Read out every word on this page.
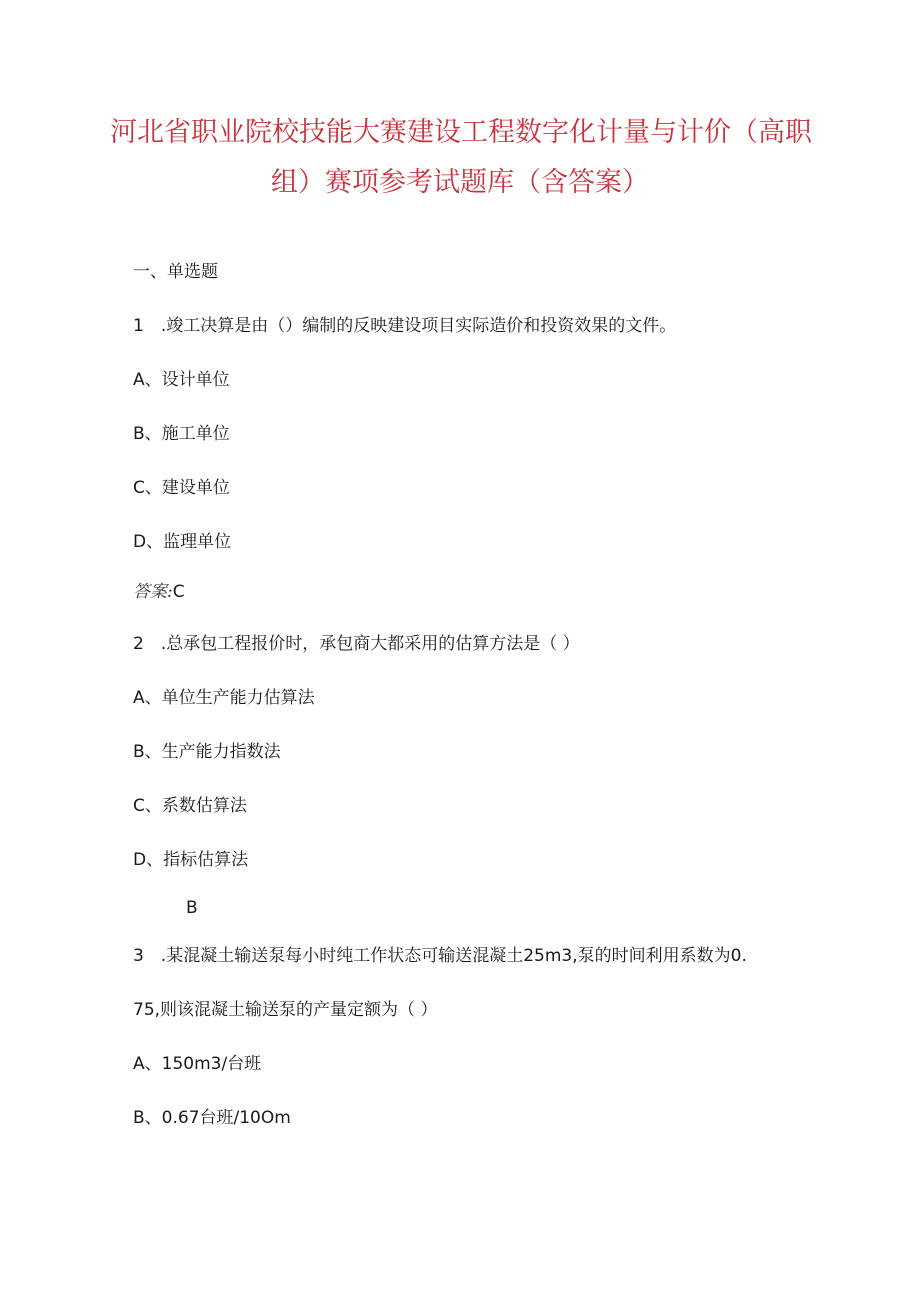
河北省职业院校技能大赛建设工程数字化计量与计价（高职
组）赛项参考试题库（含答案）
一、单选题
1　.竣工决算是由（）编制的反映建设项目实际造价和投资效果的文件。
A、设计单位
B、施工单位
C、建设单位
D、监理单位
答案:C
2　.总承包工程报价时，承包商大都采用的估算方法是（ ）
A、单位生产能力估算法
B、生产能力指数法
C、系数估算法
D、指标估算法
B
3　.某混凝土输送泵每小时纯工作状态可输送混凝土25m3,泵的时间利用系数为0.
75,则该混凝土输送泵的产量定额为（ ）
A、150m3∕台班
B、0.67台班/10Om
